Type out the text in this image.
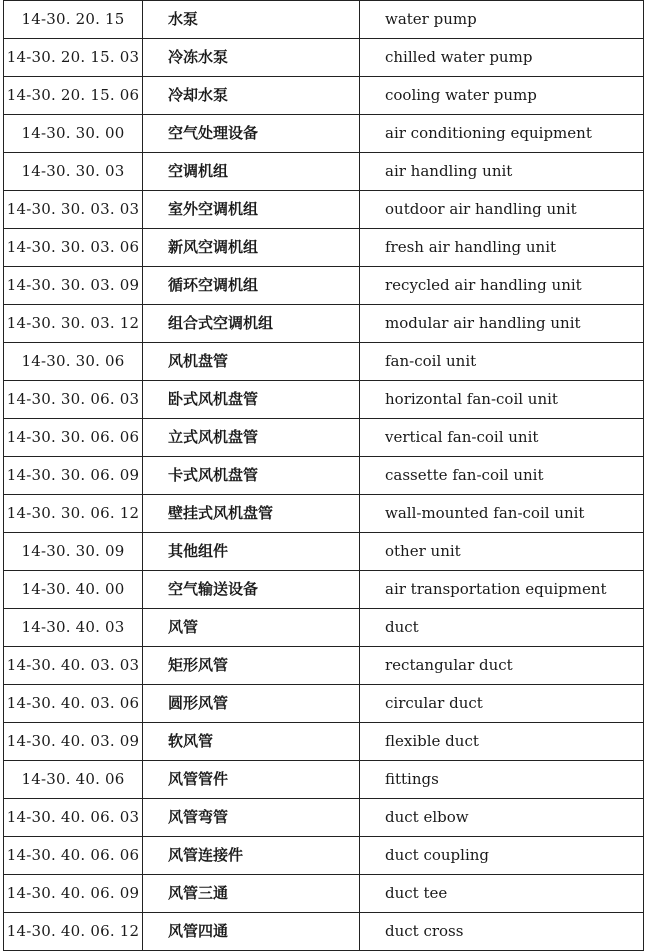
14-30. 20. 15	水泵	water pump
14-30. 20. 15. 03	冷冻水泵	chilled water pump
14-30. 20. 15. 06	冷却水泵	cooling water pump
14-30. 30. 00	空气处理设备	air conditioning equipment
14-30. 30. 03	空调机组	air handling unit
14-30. 30. 03. 03	室外空调机组	outdoor air handling unit
14-30. 30. 03. 06	新风空调机组	fresh air handling unit
14-30. 30. 03. 09	循环空调机组	recycled air handling unit
14-30. 30. 03. 12	组合式空调机组	modular air handling unit
14-30. 30. 06	风机盘管	fan-coil unit
14-30. 30. 06. 03	卧式风机盘管	horizontal fan-coil unit
14-30. 30. 06. 06	立式风机盘管	vertical fan-coil unit
14-30. 30. 06. 09	卡式风机盘管	cassette fan-coil unit
14-30. 30. 06. 12	壁挂式风机盘管	wall-mounted fan-coil unit
14-30. 30. 09	其他组件	other unit
14-30. 40. 00	空气输送设备	air transportation equipment
14-30. 40. 03	风管	duct
14-30. 40. 03. 03	矩形风管	rectangular duct
14-30. 40. 03. 06	圆形风管	circular duct
14-30. 40. 03. 09	软风管	flexible duct
14-30. 40. 06	风管管件	fittings
14-30. 40. 06. 03	风管弯管	duct elbow
14-30. 40. 06. 06	风管连接件	duct coupling
14-30. 40. 06. 09	风管三通	duct tee
14-30. 40. 06. 12	风管四通	duct cross
